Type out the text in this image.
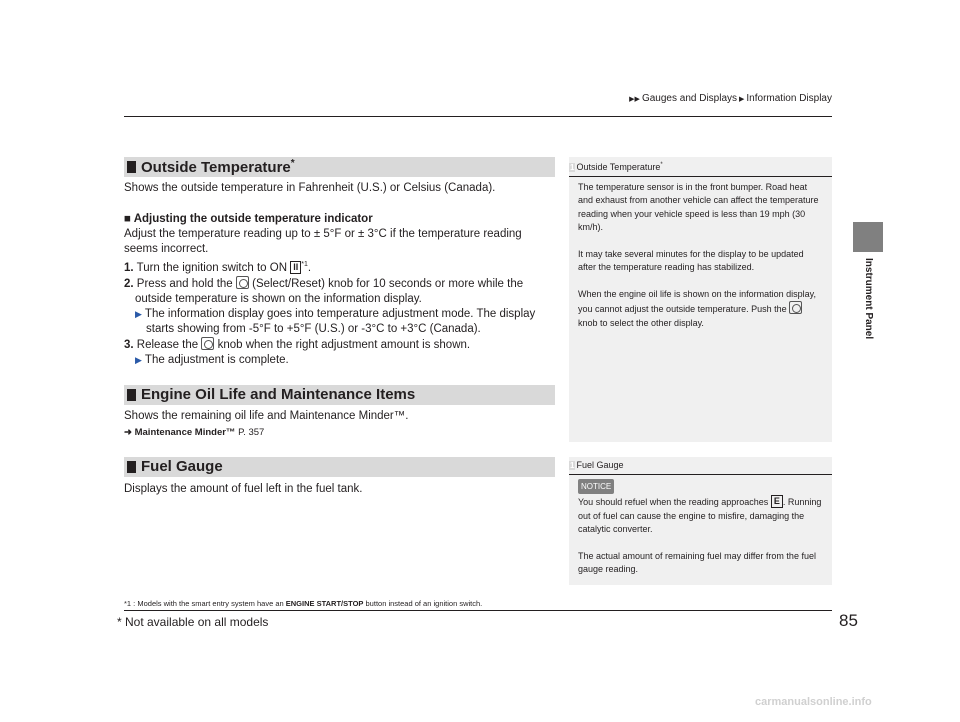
▶▶ Gauges and Displays ▶ Information Display
Instrument Panel
Outside Temperature*
Shows the outside temperature in Fahrenheit (U.S.) or Celsius (Canada).
■ Adjusting the outside temperature indicator
Adjust the temperature reading up to ± 5°F or ± 3°C if the temperature reading
seems incorrect.
1. Turn the ignition switch to ON II $^{*1}$.
2. Press and hold the (Select/Reset) knob for 10 seconds or more while the
outside temperature is shown on the information display.
▶ The information display goes into temperature adjustment mode. The display
starts showing from -5°F to +5°F (U.S.) or -3°C to +3°C (Canada).
3. Release the knob when the right adjustment amount is shown.
▶ The adjustment is complete.
Engine Oil Life and Maintenance Items
Shows the remaining oil life and Maintenance Minder™.
➜ Maintenance Minder™ P. 357
Fuel Gauge
Displays the amount of fuel left in the fuel tank.
1 Outside Temperature*

The temperature sensor is in the front bumper. Road heat and exhaust from another vehicle can affect the temperature reading when your vehicle speed is less than 19 mph (30 km/h).

It may take several minutes for the display to be updated after the temperature reading has stabilized.

When the engine oil life is shown on the information display, you cannot adjust the outside temperature. Push the  knob to select the other display.

1 Fuel Gauge
NOTICE

You should refuel when the reading approaches E . Running out of fuel can cause the engine to misfire, damaging the catalytic converter.

The actual amount of remaining fuel may differ from the fuel gauge reading.

*1 : Models with the smart entry system have an ENGINE START/STOP button instead of an ignition switch.
* Not available on all models	85
carmanualsonline.info
